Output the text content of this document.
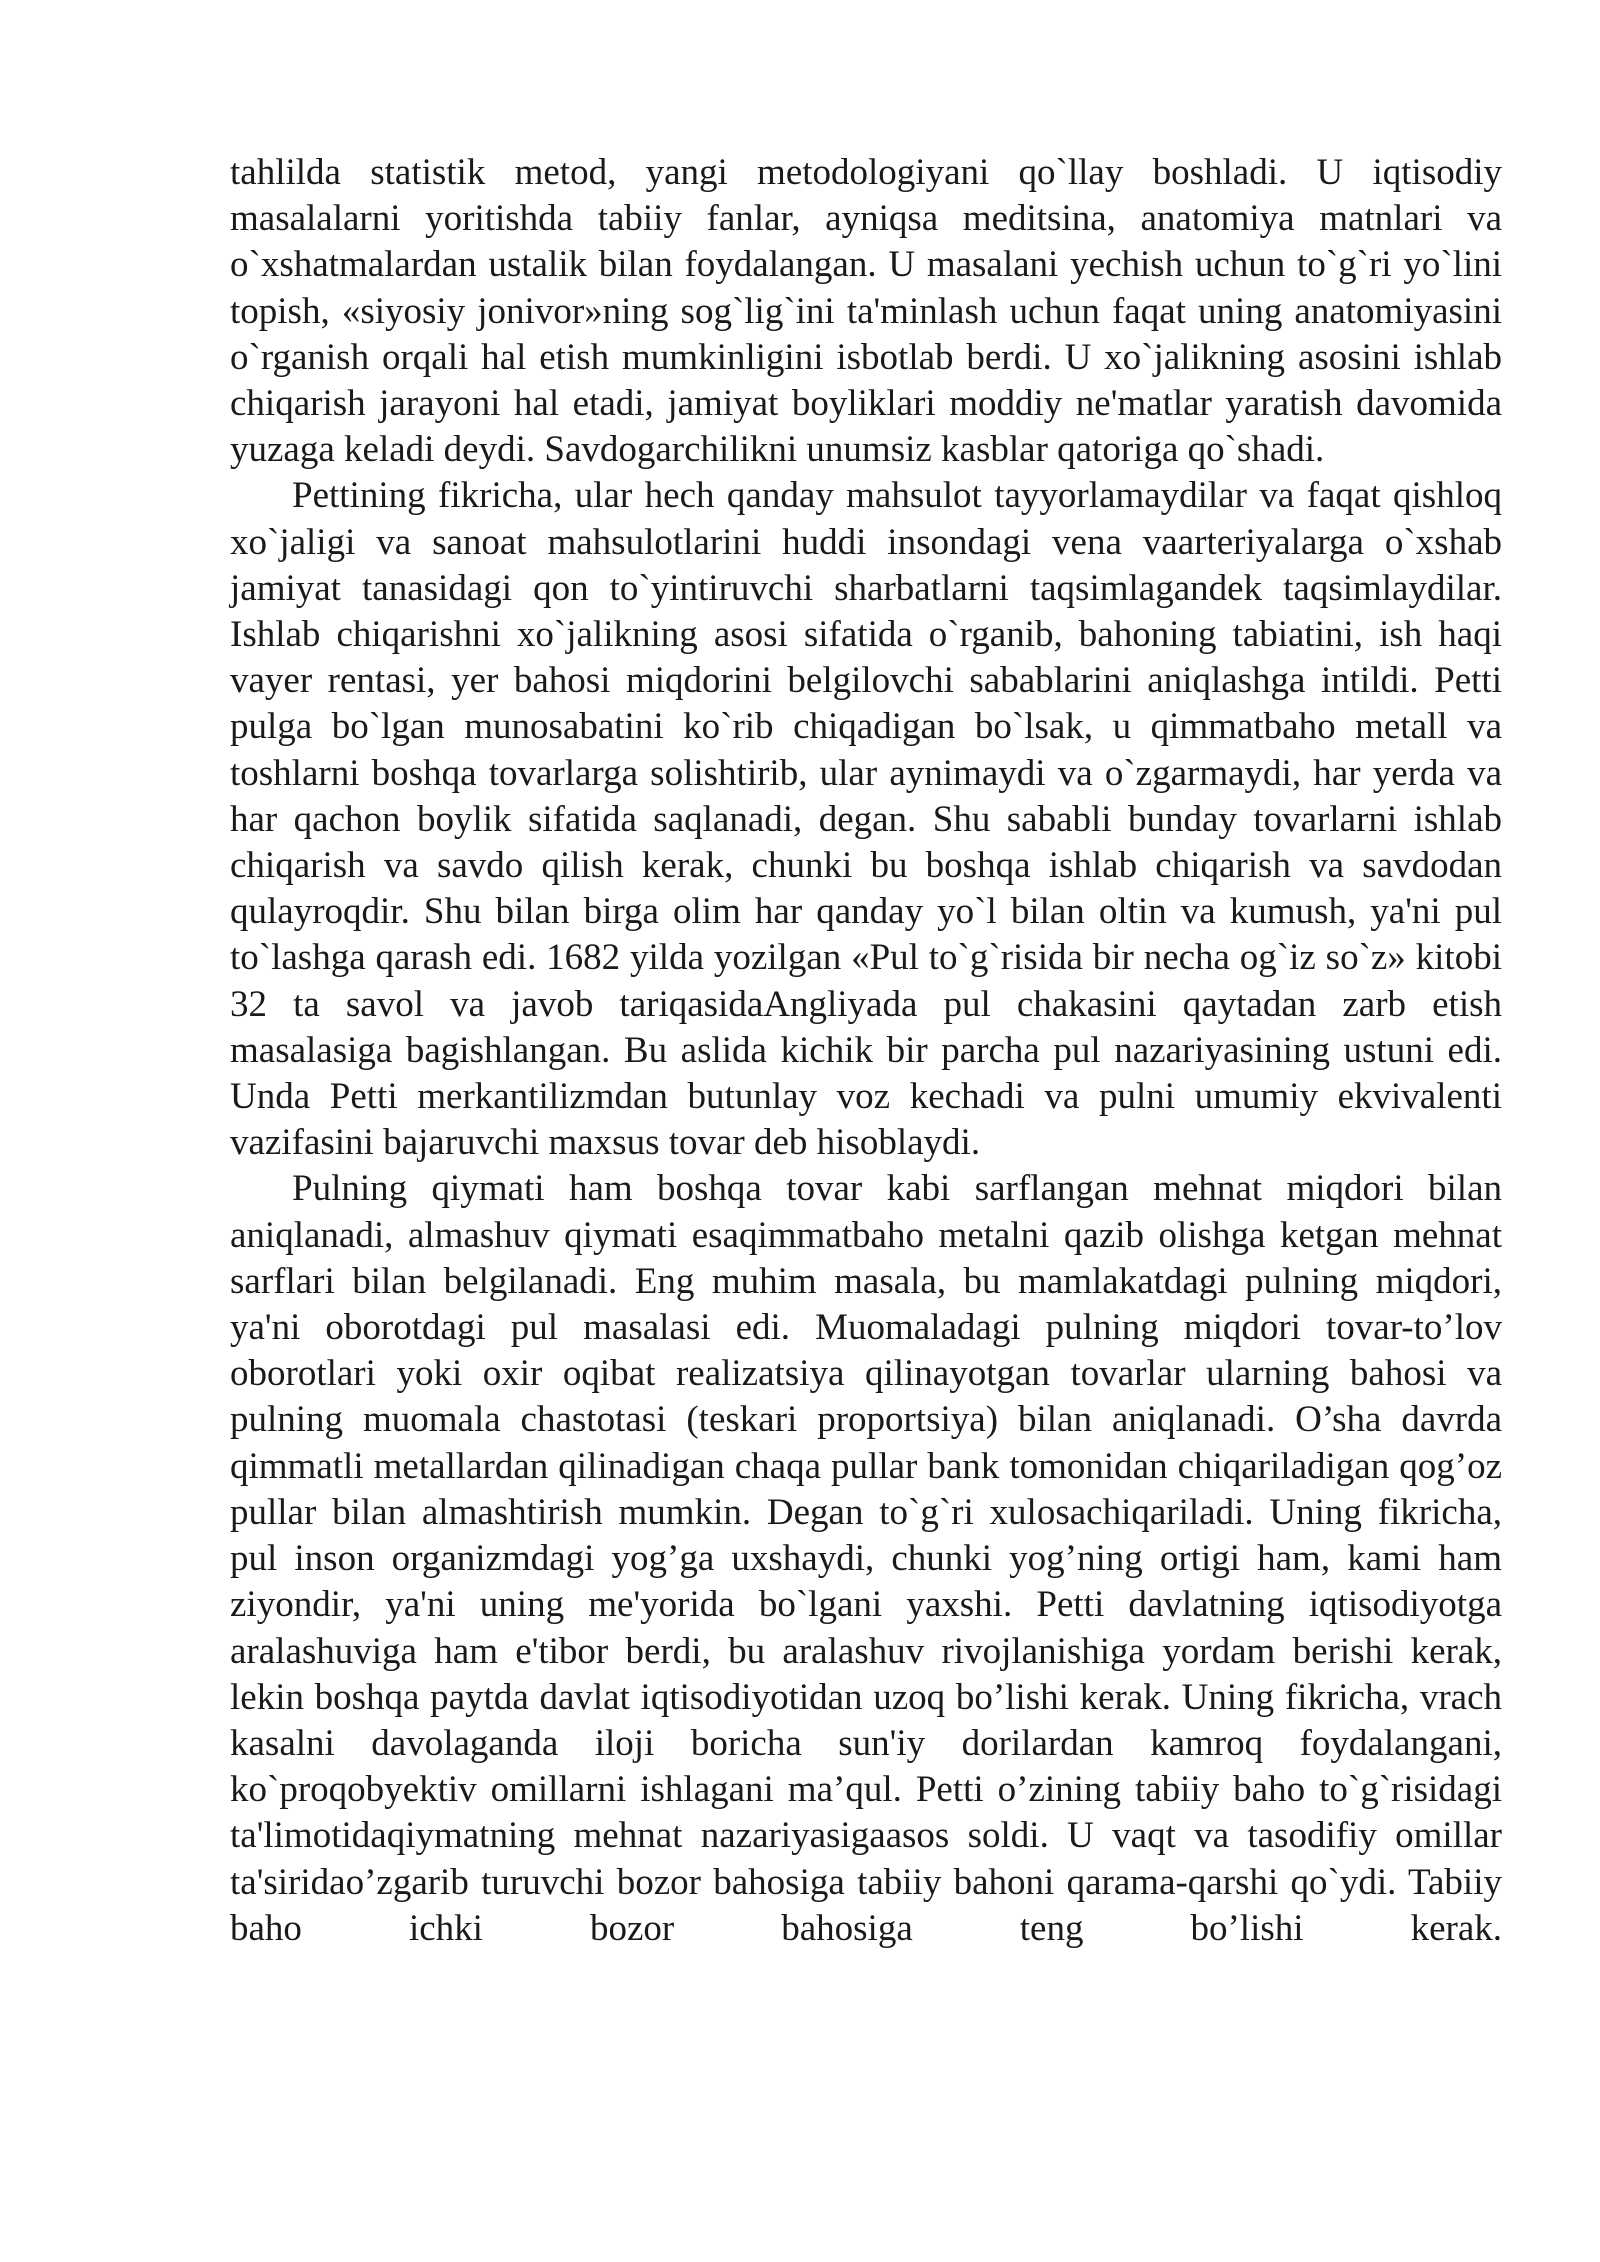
tahlilda statistik metod, yangi metodologiyani qo`llay boshladi. U iqtisodiy masalalarni yoritishda tabiiy fanlar, ayniqsa meditsina, anatomiya matnlari va o`xshatmalardan ustalik bilan foydalangan. U masalani yechish uchun to`g`ri yo`lini topish, «siyosiy jonivor»ning sog`lig`ini ta'minlash uchun faqat uning anatomiyasini o`rganish orqali hal etish mumkinligini isbotlab berdi. U xo`jalikning asosini ishlab chiqarish jarayoni hal etadi, jamiyat boyliklari moddiy ne'matlar yaratish davomida yuzaga keladi deydi. Savdogarchilikni unumsiz kasblar qatoriga qo`shadi.

Pettining fikricha, ular hech qanday mahsulot tayyorlamaydilar va faqat qishloq xo`jaligi va sanoat mahsulotlarini huddi insondagi vena vaarteriyalarga o`xshab jamiyat tanasidagi qon to`yintiruvchi sharbatlarni taqsimlagandek taqsimlaydilar. Ishlab chiqarishni xo`jalikning asosi sifatida o`rganib, bahoning tabiatini, ish haqi vayer rentasi, yer bahosi miqdorini belgilovchi sabablarini aniqlashga intildi. Petti pulga bo`lgan munosabatini ko`rib chiqadigan bo`lsak, u qimmatbaho metall va toshlarni boshqa tovarlarga solishtirib, ular aynimaydi va o`zgarmaydi, har yerda va har qachon boylik sifatida saqlanadi, degan. Shu sababli bunday tovarlarni ishlab chiqarish va savdo qilish kerak, chunki bu boshqa ishlab chiqarish va savdodan qulayroqdir. Shu bilan birga olim har qanday yo`l bilan oltin va kumush, ya'ni pul to`lashga qarash edi. 1682 yilda yozilgan «Pul to`g`risida bir necha og`iz so`z» kitobi 32 ta savol va javob tariqasidaAngliyada pul chakasini qaytadan zarb etish masalasiga bagishlangan. Bu aslida kichik bir parcha pul nazariyasining ustuni edi. Unda Petti merkantilizmdan butunlay voz kechadi va pulni umumiy ekvivalenti vazifasini bajaruvchi maxsus tovar deb hisoblaydi.

Pulning qiymati ham boshqa tovar kabi sarflangan mehnat miqdori bilan aniqlanadi, almashuv qiymati esaqimmatbaho metalni qazib olishga ketgan mehnat sarflari bilan belgilanadi. Eng muhim masala, bu mamlakatdagi pulning miqdori, ya'ni oborotdagi pul masalasi edi. Muomaladagi pulning miqdori tovar-to’lov oborotlari yoki oxir oqibat realizatsiya qilinayotgan tovarlar ularning bahosi va pulning muomala chastotasi (teskari proportsiya) bilan aniqlanadi. O’sha davrda qimmatli metallardan qilinadigan chaqa pullar bank tomonidan chiqariladigan qog’oz pullar bilan almashtirish mumkin. Degan to`g`ri xulosachiqariladi. Uning fikricha, pul inson organizmdagi yog’ga uxshaydi, chunki yog’ning ortigi ham, kami ham ziyondir, ya'ni uning me'yorida bo`lgani yaxshi. Petti davlatning iqtisodiyotga aralashuviga ham e'tibor berdi, bu aralashuv rivojlanishiga yordam berishi kerak, lekin boshqa paytda davlat iqtisodiyotidan uzoq bo’lishi kerak. Uning fikricha, vrach kasalni davolaganda iloji boricha sun'iy dorilardan kamroq foydalangani, ko`proqobyektiv omillarni ishlagani ma’qul. Petti o’zining tabiiy baho to`g`risidagi ta'limotidaqiymatning mehnat nazariyasigaasos soldi. U vaqt va tasodifiy omillar ta'siridao’zgarib turuvchi bozor bahosiga tabiiy bahoni qarama-qarshi qo`ydi. Tabiiy baho ichki bozor bahosiga teng bo’lishi kerak.
